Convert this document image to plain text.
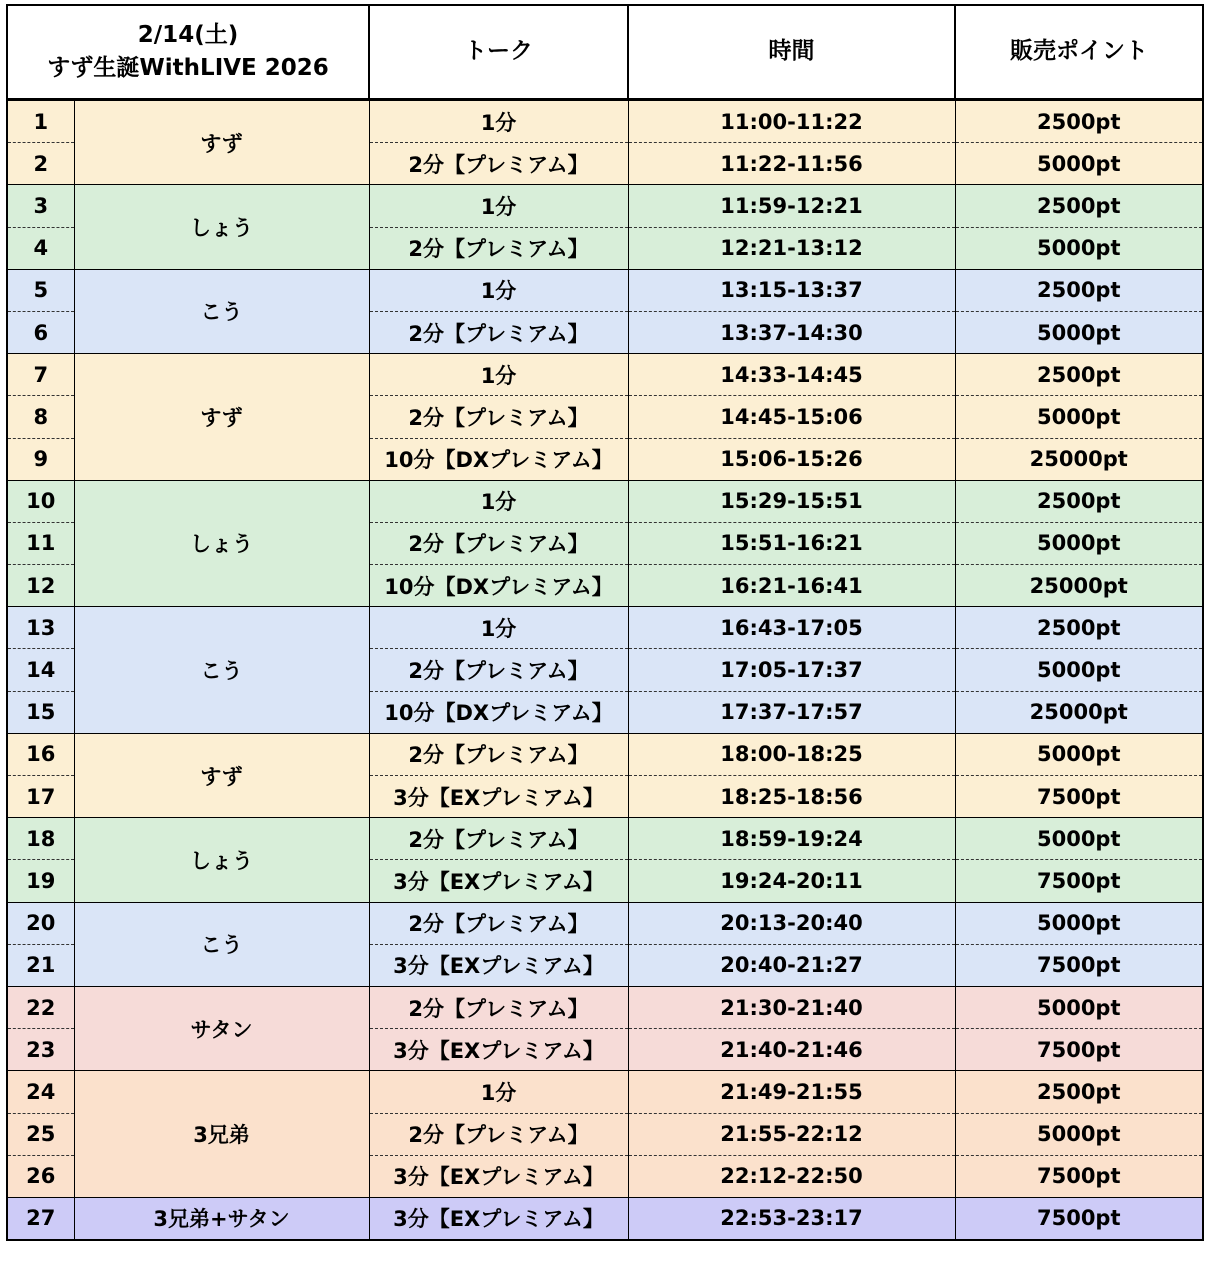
2/14(土)
すず生誕WithLIVE 2026		トーク	時間	販売ポイント
1	すず	1分	11:00-11:22	2500pt
2		2分【プレミアム】	11:22-11:56	5000pt
3	しょう	1分	11:59-12:21	2500pt
4		2分【プレミアム】	12:21-13:12	5000pt
5	こう	1分	13:15-13:37	2500pt
6		2分【プレミアム】	13:37-14:30	5000pt
7	すず	1分	14:33-14:45	2500pt
8		2分【プレミアム】	14:45-15:06	5000pt
9		10分【DXプレミアム】	15:06-15:26	25000pt
10	しょう	1分	15:29-15:51	2500pt
11		2分【プレミアム】	15:51-16:21	5000pt
12		10分【DXプレミアム】	16:21-16:41	25000pt
13	こう	1分	16:43-17:05	2500pt
14		2分【プレミアム】	17:05-17:37	5000pt
15		10分【DXプレミアム】	17:37-17:57	25000pt
16	すず	2分【プレミアム】	18:00-18:25	5000pt
17		3分【EXプレミアム】	18:25-18:56	7500pt
18	しょう	2分【プレミアム】	18:59-19:24	5000pt
19		3分【EXプレミアム】	19:24-20:11	7500pt
20	こう	2分【プレミアム】	20:13-20:40	5000pt
21		3分【EXプレミアム】	20:40-21:27	7500pt
22	サタン	2分【プレミアム】	21:30-21:40	5000pt
23		3分【EXプレミアム】	21:40-21:46	7500pt
24	3兄弟	1分	21:49-21:55	2500pt
25		2分【プレミアム】	21:55-22:12	5000pt
26		3分【EXプレミアム】	22:12-22:50	7500pt
27	3兄弟+サタン	3分【EXプレミアム】	22:53-23:17	7500pt
